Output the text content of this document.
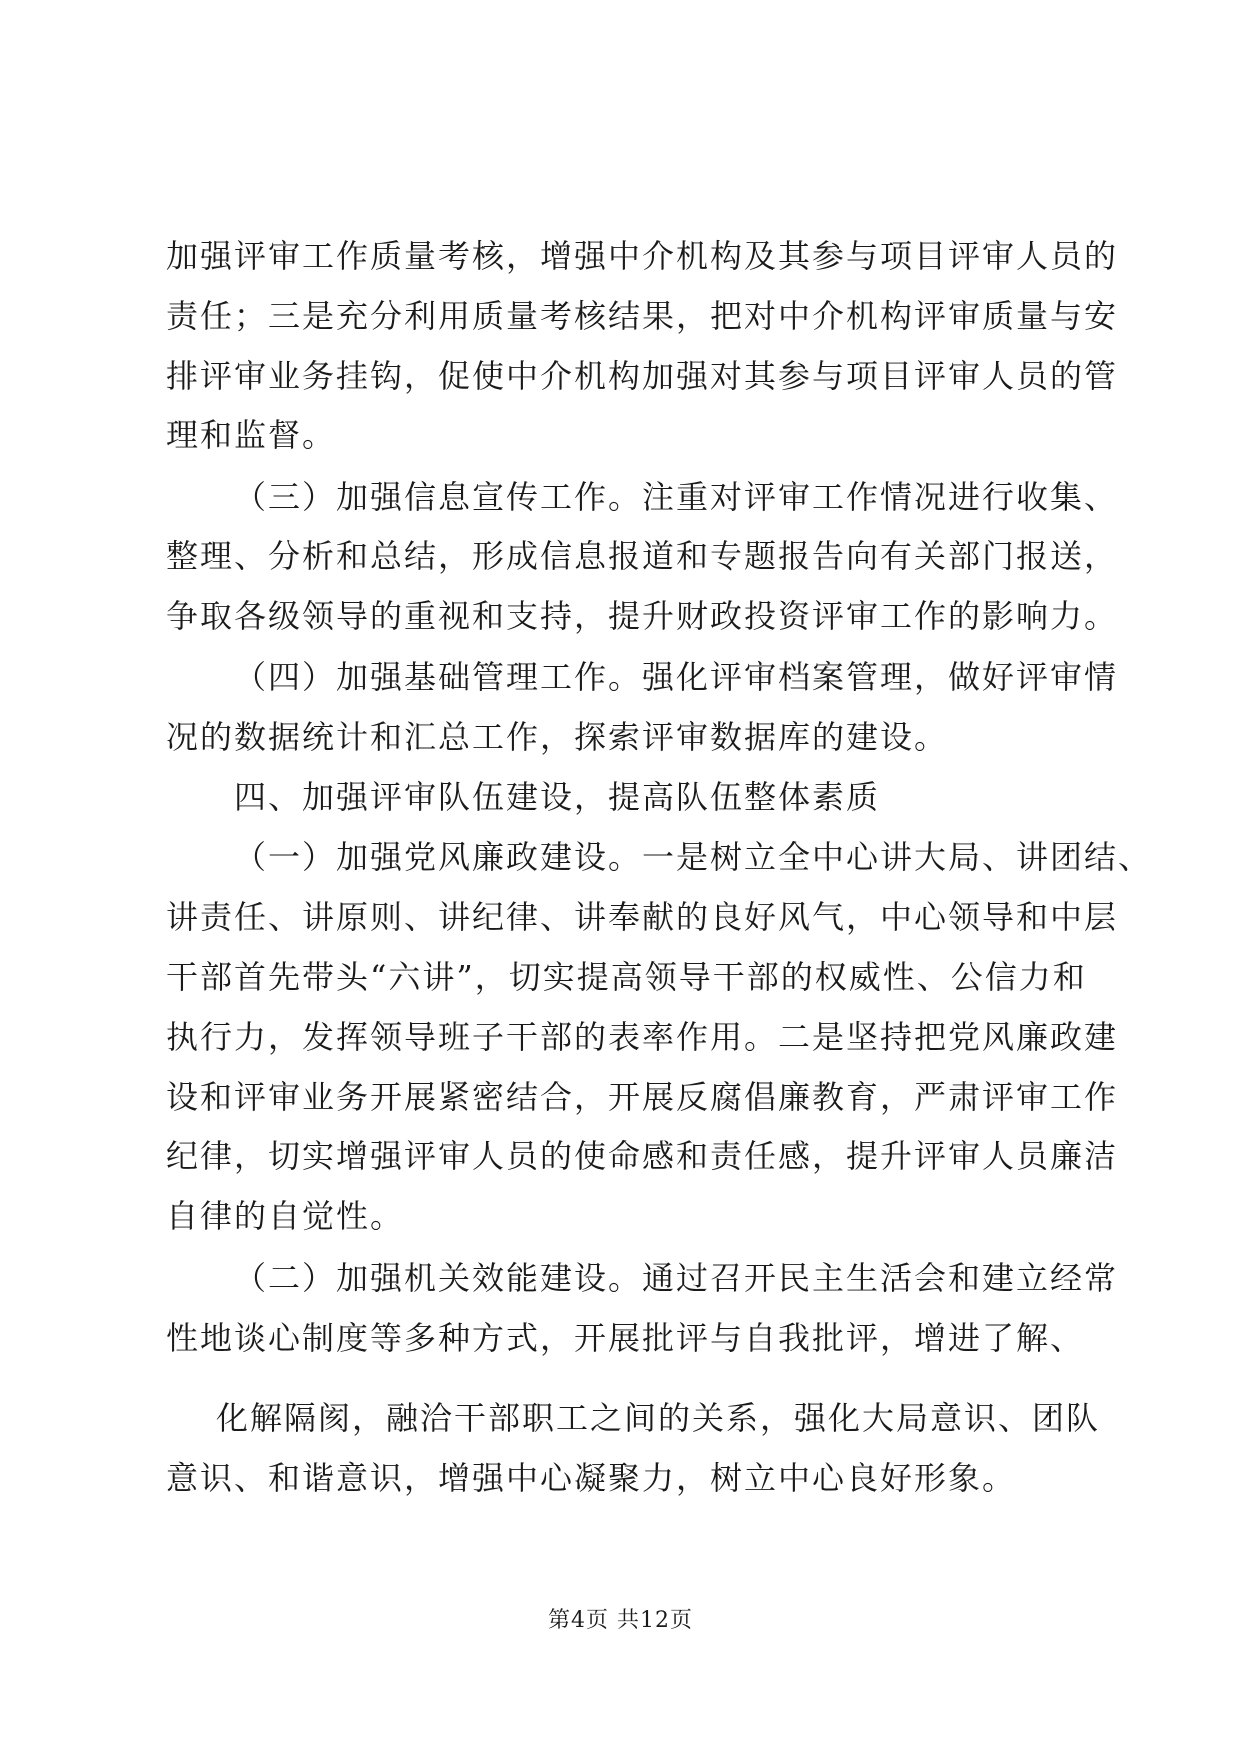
加强评审工作质量考核，增强中介机构及其参与项目评审人员的
责任；三是充分利用质量考核结果，把对中介机构评审质量与安
排评审业务挂钩，促使中介机构加强对其参与项目评审人员的管
理和监督。
（三）加强信息宣传工作。注重对评审工作情况进行收集、
整理、分析和总结，形成信息报道和专题报告向有关部门报送，
争取各级领导的重视和支持，提升财政投资评审工作的影响力。
（四）加强基础管理工作。强化评审档案管理，做好评审情
况的数据统计和汇总工作，探索评审数据库的建设。
四、加强评审队伍建设，提高队伍整体素质
（一）加强党风廉政建设。一是树立全中心讲大局、讲团结、
讲责任、讲原则、讲纪律、讲奉献的良好风气，中心领导和中层
干部首先带头“六讲”，切实提高领导干部的权威性、公信力和
执行力，发挥领导班子干部的表率作用。二是坚持把党风廉政建
设和评审业务开展紧密结合，开展反腐倡廉教育，严肃评审工作
纪律，切实增强评审人员的使命感和责任感，提升评审人员廉洁
自律的自觉性。
（二）加强机关效能建设。通过召开民主生活会和建立经常
性地谈心制度等多种方式，开展批评与自我批评，增进了解、
化解隔阂，融洽干部职工之间的关系，强化大局意识、团队
意识、和谐意识，增强中心凝聚力，树立中心良好形象。
第4页 共12页
